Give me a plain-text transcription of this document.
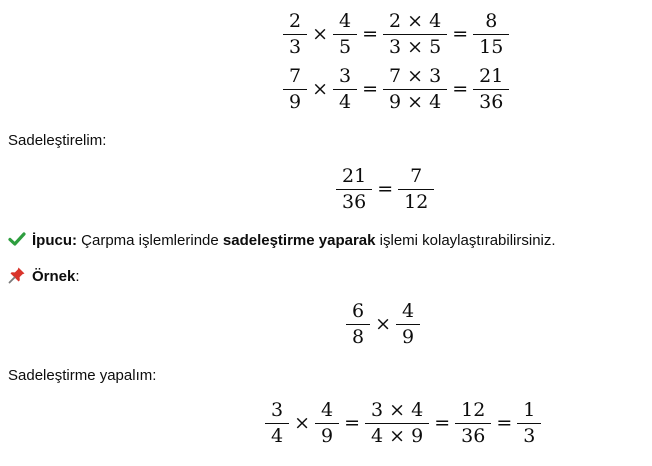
$\frac{2}{3} \times \frac{4}{5} = \frac{2 \times 4}{3 \times 5} = \frac{8}{15}$
$\frac{7}{9} \times \frac{3}{4} = \frac{7 \times 3}{9 \times 4} = \frac{21}{36}$
Sadeleştirelim:
$\frac{21}{36} = \frac{7}{12}$
İpucu: Çarpma işlemlerinde sadeleştirme yaparak işlemi kolaylaştırabilirsiniz.
Örnek:
$\frac{6}{8} \times \frac{4}{9}$
Sadeleştirme yapalım:
$\frac{3}{4} \times \frac{4}{9} = \frac{3 \times 4}{4 \times 9} = \frac{12}{36} = \frac{1}{3}$
